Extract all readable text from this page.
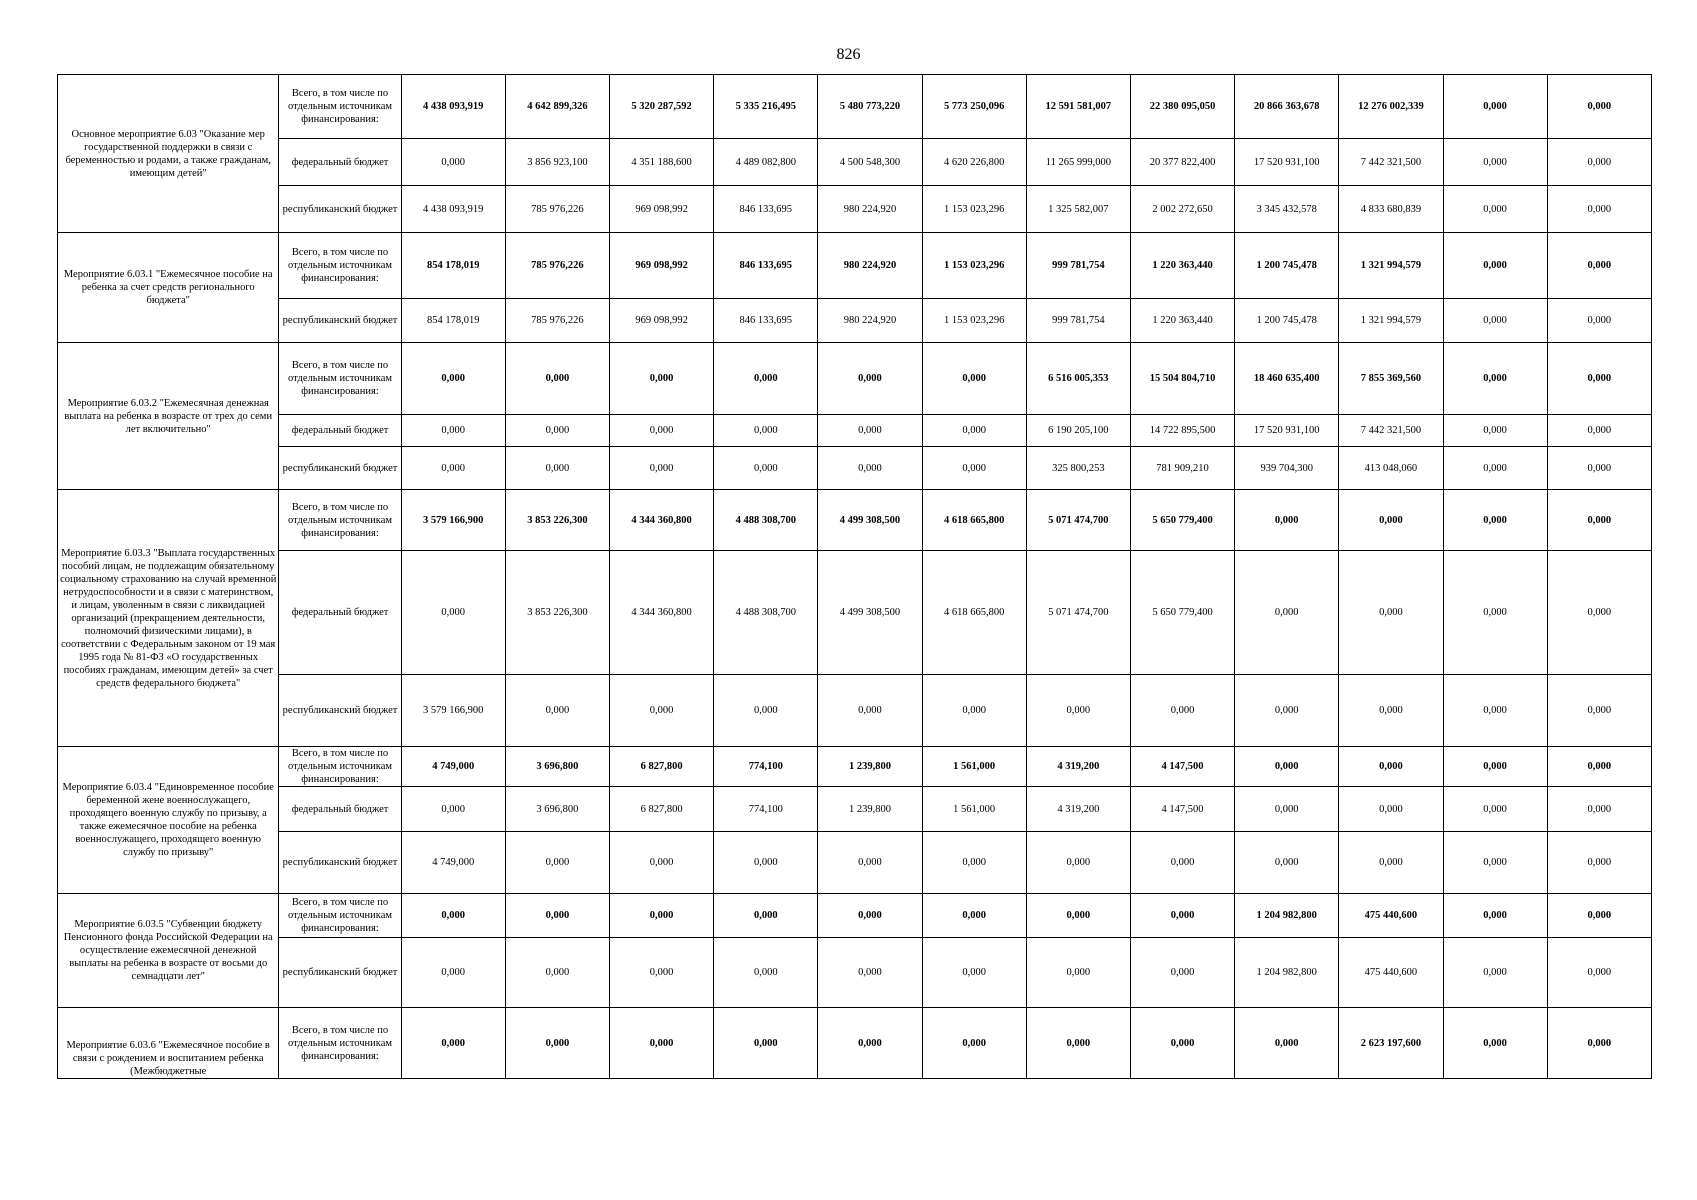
826
Основное мероприятие 6.03 "Оказание мер государственной поддержки в связи с беременностью и родами, а также гражданам, имеющим детей"	Всего, в том числе по отдельным источникам финансирования:	4 438 093,919	4 642 899,326	5 320 287,592	5 335 216,495	5 480 773,220	5 773 250,096	12 591 581,007	22 380 095,050	20 866 363,678	12 276 002,339	0,000	0,000
	федеральный бюджет	0,000	3 856 923,100	4 351 188,600	4 489 082,800	4 500 548,300	4 620 226,800	11 265 999,000	20 377 822,400	17 520 931,100	7 442 321,500	0,000	0,000
	республиканский бюджет	4 438 093,919	785 976,226	969 098,992	846 133,695	980 224,920	1 153 023,296	1 325 582,007	2 002 272,650	3 345 432,578	4 833 680,839	0,000	0,000

Мероприятие 6.03.1 "Ежемесячное пособие на ребенка за счет средств регионального бюджета"	Всего, в том числе по отдельным источникам финансирования:	854 178,019	785 976,226	969 098,992	846 133,695	980 224,920	1 153 023,296	999 781,754	1 220 363,440	1 200 745,478	1 321 994,579	0,000	0,000
	республиканский бюджет	854 178,019	785 976,226	969 098,992	846 133,695	980 224,920	1 153 023,296	999 781,754	1 220 363,440	1 200 745,478	1 321 994,579	0,000	0,000

Мероприятие 6.03.2 "Ежемесячная денежная выплата на ребенка в возрасте от трех до семи лет включительно"	Всего, в том числе по отдельным источникам финансирования:	0,000	0,000	0,000	0,000	0,000	0,000	6 516 005,353	15 504 804,710	18 460 635,400	7 855 369,560	0,000	0,000
	федеральный бюджет	0,000	0,000	0,000	0,000	0,000	0,000	6 190 205,100	14 722 895,500	17 520 931,100	7 442 321,500	0,000	0,000
	республиканский бюджет	0,000	0,000	0,000	0,000	0,000	0,000	325 800,253	781 909,210	939 704,300	413 048,060	0,000	0,000

Мероприятие 6.03.3 "Выплата государственных пособий лицам, не подлежащим обязательному социальному страхованию на случай временной нетрудоспособности и в связи с материнством, и лицам, уволенным в связи с ликвидацией организаций (прекращением деятельности, полномочий физическими лицами), в соответствии с Федеральным законом от 19 мая 1995 года № 81-ФЗ «О государственных пособиях гражданам, имеющим детей» за счет средств федерального бюджета"	Всего, в том числе по отдельным источникам финансирования:	3 579 166,900	3 853 226,300	4 344 360,800	4 488 308,700	4 499 308,500	4 618 665,800	5 071 474,700	5 650 779,400	0,000	0,000	0,000	0,000
	федеральный бюджет	0,000	3 853 226,300	4 344 360,800	4 488 308,700	4 499 308,500	4 618 665,800	5 071 474,700	5 650 779,400	0,000	0,000	0,000	0,000
	республиканский бюджет	3 579 166,900	0,000	0,000	0,000	0,000	0,000	0,000	0,000	0,000	0,000	0,000	0,000

Мероприятие 6.03.4 "Единовременное пособие беременной жене военнослужащего, проходящего военную службу по призыву, а также ежемесячное пособие на ребенка военнослужащего, проходящего военную службу по призыву"	Всего, в том числе по отдельным источникам финансирования:	4 749,000	3 696,800	6 827,800	774,100	1 239,800	1 561,000	4 319,200	4 147,500	0,000	0,000	0,000	0,000
	федеральный бюджет	0,000	3 696,800	6 827,800	774,100	1 239,800	1 561,000	4 319,200	4 147,500	0,000	0,000	0,000	0,000
	республиканский бюджет	4 749,000	0,000	0,000	0,000	0,000	0,000	0,000	0,000	0,000	0,000	0,000	0,000

Мероприятие 6.03.5 "Субвенции бюджету Пенсионного фонда Российской Федерации на осуществление ежемесячной денежной выплаты на ребенка в возрасте от восьми до семнадцати лет"	Всего, в том числе по отдельным источникам финансирования:	0,000	0,000	0,000	0,000	0,000	0,000	0,000	0,000	1 204 982,800	475 440,600	0,000	0,000
	республиканский бюджет	0,000	0,000	0,000	0,000	0,000	0,000	0,000	0,000	1 204 982,800	475 440,600	0,000	0,000

Мероприятие 6.03.6 "Ежемесячное пособие в связи с рождением и воспитанием ребенка (Межбюджетные	Всего, в том числе по отдельным источникам финансирования:	0,000	0,000	0,000	0,000	0,000	0,000	0,000	0,000	0,000	2 623 197,600	0,000	0,000
